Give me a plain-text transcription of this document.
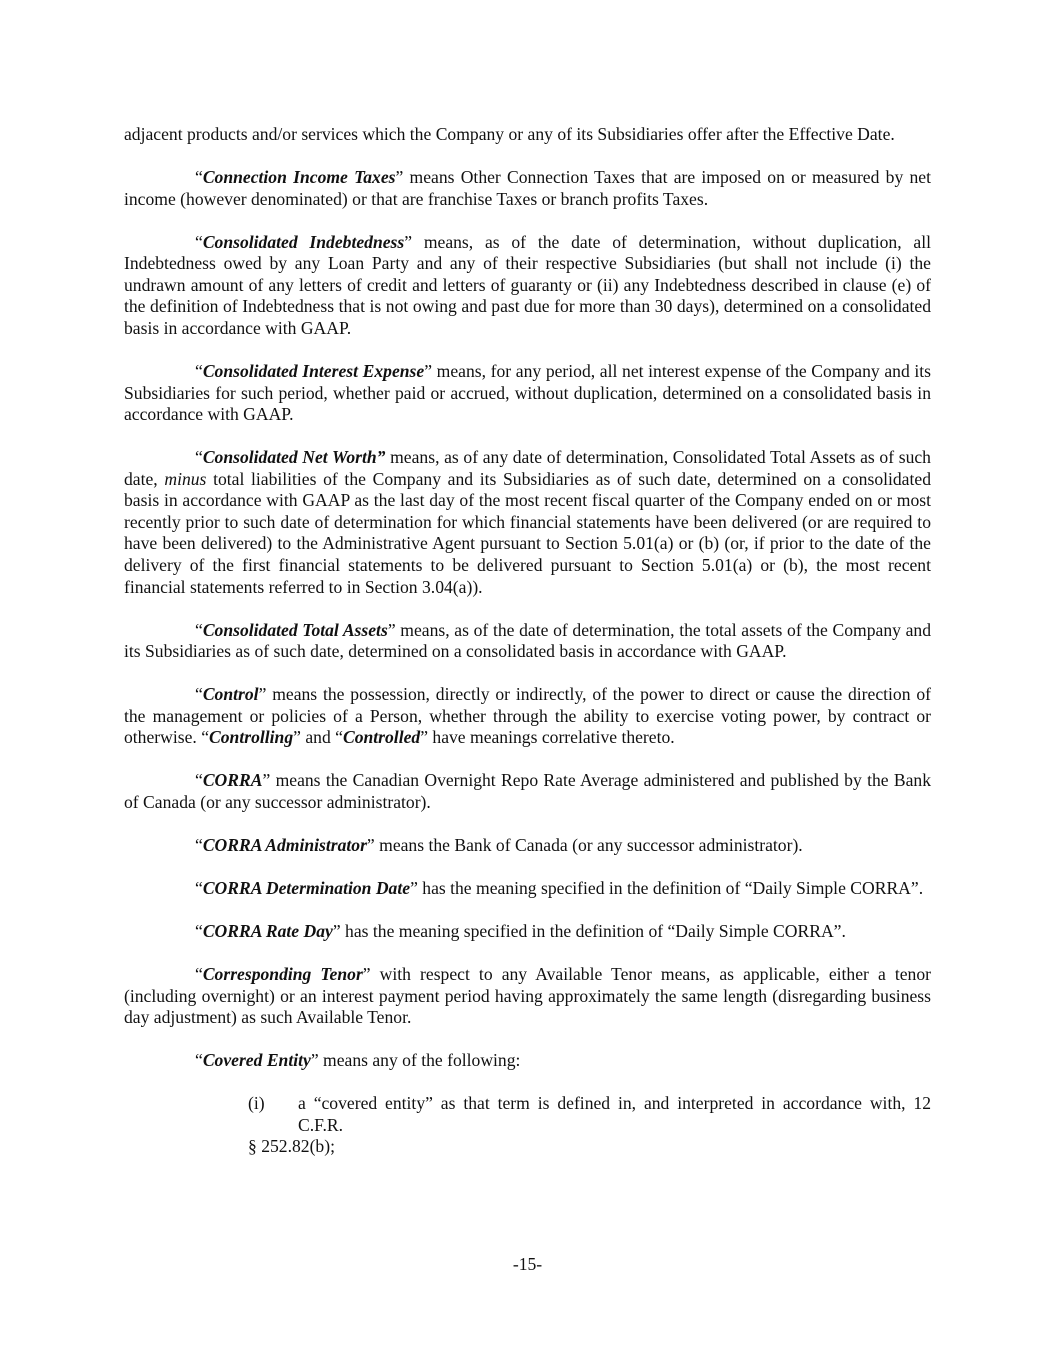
adjacent products and/or services which the Company or any of its Subsidiaries offer after the Effective Date.

“Connection Income Taxes” means Other Connection Taxes that are imposed on or measured by net income (however denominated) or that are franchise Taxes or branch profits Taxes.

“Consolidated Indebtedness” means, as of the date of determination, without duplication, all Indebtedness owed by any Loan Party and any of their respective Subsidiaries (but shall not include (i) the undrawn amount of any letters of credit and letters of guaranty or (ii) any Indebtedness described in clause (e) of the definition of Indebtedness that is not owing and past due for more than 30 days), determined on a consolidated basis in accordance with GAAP.

“Consolidated Interest Expense” means, for any period, all net interest expense of the Company and its Subsidiaries for such period, whether paid or accrued, without duplication, determined on a consolidated basis in accordance with GAAP.

“Consolidated Net Worth” means, as of any date of determination, Consolidated Total Assets as of such date, minus total liabilities of the Company and its Subsidiaries as of such date, determined on a consolidated basis in accordance with GAAP as the last day of the most recent fiscal quarter of the Company ended on or most recently prior to such date of determination for which financial statements have been delivered (or are required to have been delivered) to the Administrative Agent pursuant to Section 5.01(a) or (b) (or, if prior to the date of the delivery of the first financial statements to be delivered pursuant to Section 5.01(a) or (b), the most recent financial statements referred to in Section 3.04(a)).

“Consolidated Total Assets” means, as of the date of determination, the total assets of the Company and its Subsidiaries as of such date, determined on a consolidated basis in accordance with GAAP.

“Control” means the possession, directly or indirectly, of the power to direct or cause the direction of the management or policies of a Person, whether through the ability to exercise voting power, by contract or otherwise. “Controlling” and “Controlled” have meanings correlative thereto.

“CORRA” means the Canadian Overnight Repo Rate Average administered and published by the Bank of Canada (or any successor administrator).

“CORRA Administrator” means the Bank of Canada (or any successor administrator).

“CORRA Determination Date” has the meaning specified in the definition of “Daily Simple CORRA”.

“CORRA Rate Day” has the meaning specified in the definition of “Daily Simple CORRA”.

“Corresponding Tenor” with respect to any Available Tenor means, as applicable, either a tenor (including overnight) or an interest payment period having approximately the same length (disregarding business day adjustment) as such Available Tenor.

“Covered Entity” means any of the following:

(i)	a “covered entity” as that term is defined in, and interpreted in accordance with, 12 C.F.R.
§ 252.82(b);
-15-
